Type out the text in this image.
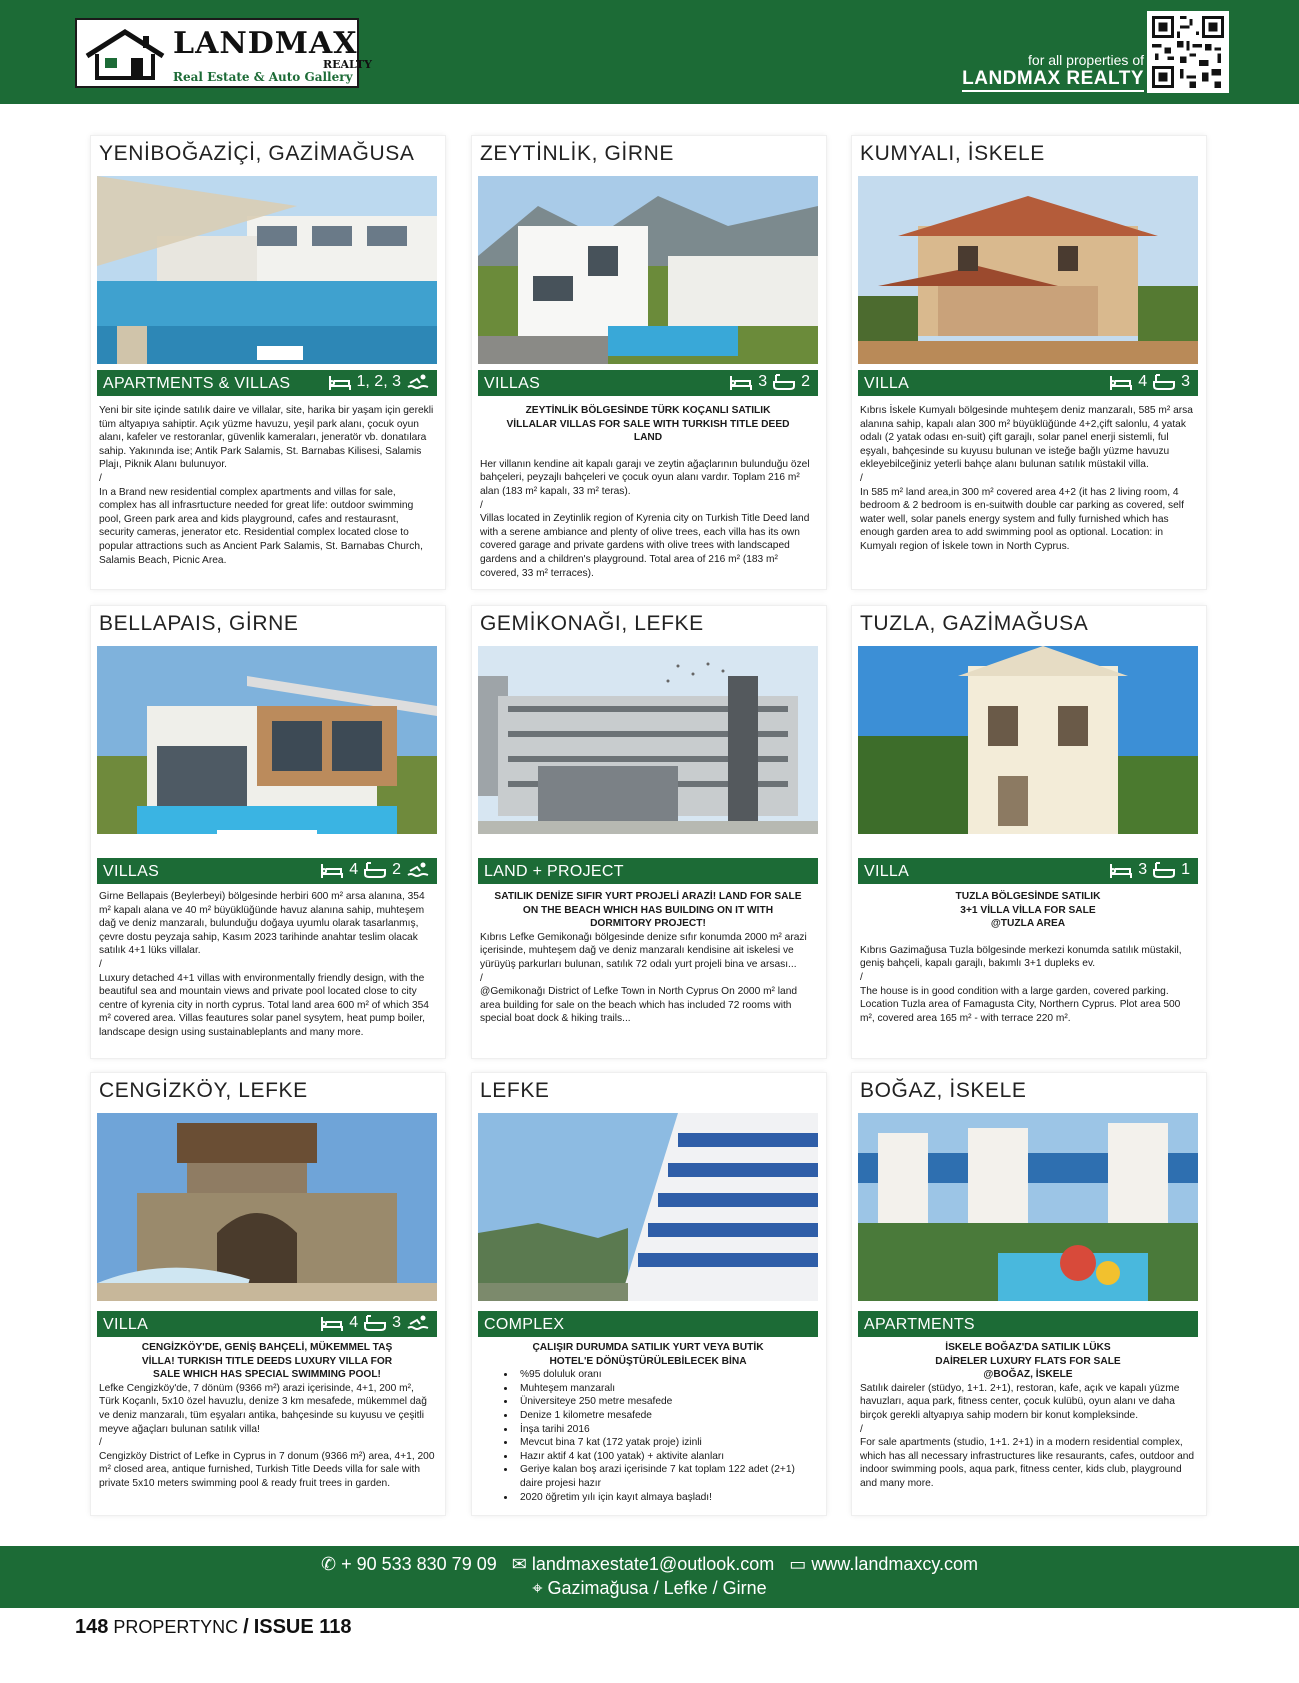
LANDMAX
REALTY
Real Estate & Auto Gallery
for all properties of
LANDMAX REALTY
YENİBOĞAZİÇİ, GAZİMAĞUSA
APARTMENTS & VILLAS	1, 2, 3

Yeni bir site içinde satılık daire ve villalar, site, harika bir yaşam için gerekli tüm altyapıya sahiptir. Açık yüzme havuzu, yeşil park alanı, çocuk oyun alanı, kafeler ve restoranlar, güvenlik kameraları, jeneratör vb. donatılara sahip. Yakınında ise; Antik Park Salamis, St. Barnabas Kilisesi, Salamis Plajı, Piknik Alanı bulunuyor.

/

In a Brand new residential complex apartments and villas for sale, complex has all infrasrtucture needed for great life: outdoor swimming pool, Green park area and kids playground, cafes and restaurasnt, security cameras, jenerator etc. Residential complex located close to popular attractions such as Ancient Park Salamis, St. Barnabas Church, Salamis Beach, Picnic Area.

ZEYTİNLİK, GİRNE
VILLAS	3 2

ZEYTİNLİK BÖLGESİNDE TÜRK KOÇANLI SATILIK VİLLALAR VILLAS FOR SALE WITH TURKISH TITLE DEED LAND

Her villanın kendine ait kapalı garajı ve zeytin ağaçlarının bulunduğu özel bahçeleri, peyzajlı bahçeleri ve çocuk oyun alanı vardır. Toplam 216 m² alan (183 m² kapalı, 33 m² teras).

/

Villas located in Zeytinlik region of Kyrenia city on Turkish Title Deed land with a serene ambiance and plenty of olive trees, each villa has its own covered garage and private gardens with olive trees with landscaped gardens and a children's playground. Total area of 216 m² (183 m² covered, 33 m² terraces).

KUMYALI, İSKELE
VILLA	4 3

Kıbrıs İskele Kumyalı bölgesinde muhteşem deniz manzaralı, 585 m² arsa alanına sahip, kapalı alan 300 m² büyüklüğünde 4+2,çift salonlu, 4 yatak odalı (2 yatak odası en-suit) çift garajlı, solar panel enerji sistemli, ful eşyalı, bahçesinde su kuyusu bulunan ve isteğe bağlı yüzme havuzu ekleyebilceğiniz yeterli bahçe alanı bulunan satılık müstakil villa.

/

In 585 m² land area,in 300 m² covered area 4+2 (it has 2 living room, 4 bedroom & 2 bedroom is en-suitwith double car parking as covered, self water well, solar panels energy system and fully furnished which has enough garden area to add swimming pool as optional. Location: in Kumyalı region of İskele town in North Cyprus.

BELLAPAIS, GİRNE
VILLAS	4 2

Girne Bellapais (Beylerbeyi) bölgesinde herbiri 600 m² arsa alanına, 354 m² kapalı alana ve 40 m² büyüklüğünde havuz alanına sahip, muhteşem dağ ve deniz manzaralı, bulunduğu doğaya uyumlu olarak tasarlanmış, çevre dostu peyzaja sahip, Kasım 2023 tarihinde anahtar teslim olacak satılık 4+1 lüks villalar.

/

Luxury detached 4+1 villas with environmentally friendly design, with the beautiful sea and mountain views and private pool located close to city centre of kyrenia city in north cyprus. Total land area 600 m² of which 354 m² covered area. Villas feautures solar panel sysytem, heat pump boiler, landscape design using sustainableplants and many more.

GEMİKONAĞI, LEFKE
LAND + PROJECT

SATILIK DENİZE SIFIR YURT PROJELİ ARAZİ! LAND FOR SALE ON THE BEACH WHICH HAS BUILDING ON IT WITH DORMITORY PROJECT!

Kıbrıs Lefke Gemikonağı bölgesinde denize sıfır konumda 2000 m² arazi içerisinde, muhteşem dağ ve deniz manzaralı kendisine ait iskelesi ve yürüyüş parkurları bulunan, satılık 72 odalı yurt projeli bina ve arsası...

/

@Gemikonağı District of Lefke Town in North Cyprus On 2000 m² land area building for sale on the beach which has included 72 rooms with special boat dock & hiking trails...

TUZLA, GAZİMAĞUSA
VILLA	3 1

TUZLA BÖLGESİNDE SATILIK 3+1 VİLLA VİLLA FOR SALE @TUZLA AREA

Kıbrıs Gazimağusa Tuzla bölgesinde merkezi konumda satılık müstakil, geniş bahçeli, kapalı garajlı, bakımlı 3+1 dupleks ev.

/

The house is in good condition with a large garden, covered parking. Location Tuzla area of Famagusta City, Northern Cyprus. Plot area 500 m², covered area 165 m² - with terrace 220 m².

CENGİZKÖY, LEFKE
VILLA	4 3

CENGİZKÖY'DE, GENİŞ BAHÇELİ, MÜKEMMEL TAŞ VİLLA! TURKISH TITLE DEEDS LUXURY VILLA FOR SALE WHICH HAS SPECIAL SWIMMING POOL!

Lefke Cengizköy'de, 7 dönüm (9366 m²) arazi içerisinde, 4+1, 200 m², Türk Koçanlı, 5x10 özel havuzlu, denize 3 km mesafede, mükemmel dağ ve deniz manzaralı, tüm eşyaları antika, bahçesinde su kuyusu ve çeşitli meyve ağaçları bulunan satılık villa!

/

Cengizköy District of Lefke in Cyprus in 7 donum (9366 m²) area, 4+1, 200 m² closed area, antique furnished, Turkish Title Deeds villa for sale with private 5x10 meters swimming pool & ready fruit trees in garden.

LEFKE
COMPLEX

ÇALIŞIR DURUMDA SATILIK YURT VEYA BUTİK HOTEL'E DÖNÜŞTÜRÜLEBİLECEK BİNA

• %95 doluluk oranı
• Muhteşem manzaralı
• Üniversiteye 250 metre mesafede
• Denize 1 kilometre mesafede
• İnşa tarihi 2016
• Mevcut bina 7 kat (172 yatak proje) izinli
• Hazır aktif 4 kat (100 yatak) + aktivite alanları
• Geriye kalan boş arazi içerisinde 7 kat toplam 122 adet (2+1) daire projesi hazır
• 2020 öğretim yılı için kayıt almaya başladı!
BOĞAZ, İSKELE
APARTMENTS

İSKELE BOĞAZ'DA SATILIK LÜKS DAİRELER LUXURY FLATS FOR SALE @BOĞAZ, İSKELE

Satılık daireler (stüdyo, 1+1. 2+1), restoran, kafe, açık ve kapalı yüzme havuzları, aqua park, fitness center, çocuk kulübü, oyun alanı ve daha birçok gerekli altyapıya sahip modern bir konut kompleksinde.

/

For sale apartments (studio, 1+1. 2+1) in a modern residential complex, which has all necessary infrastructures like resaurants, cafes, outdoor and indoor swimming pools, aqua park, fitness center, kids club, playground and many more.

✆ + 90 533 830 79 09 ✉ landmaxestate1@outlook.com ▭ www.landmaxcy.com
⌖ Gazimağusa / Lefke / Girne
148 PROPERTYNC / ISSUE 118
